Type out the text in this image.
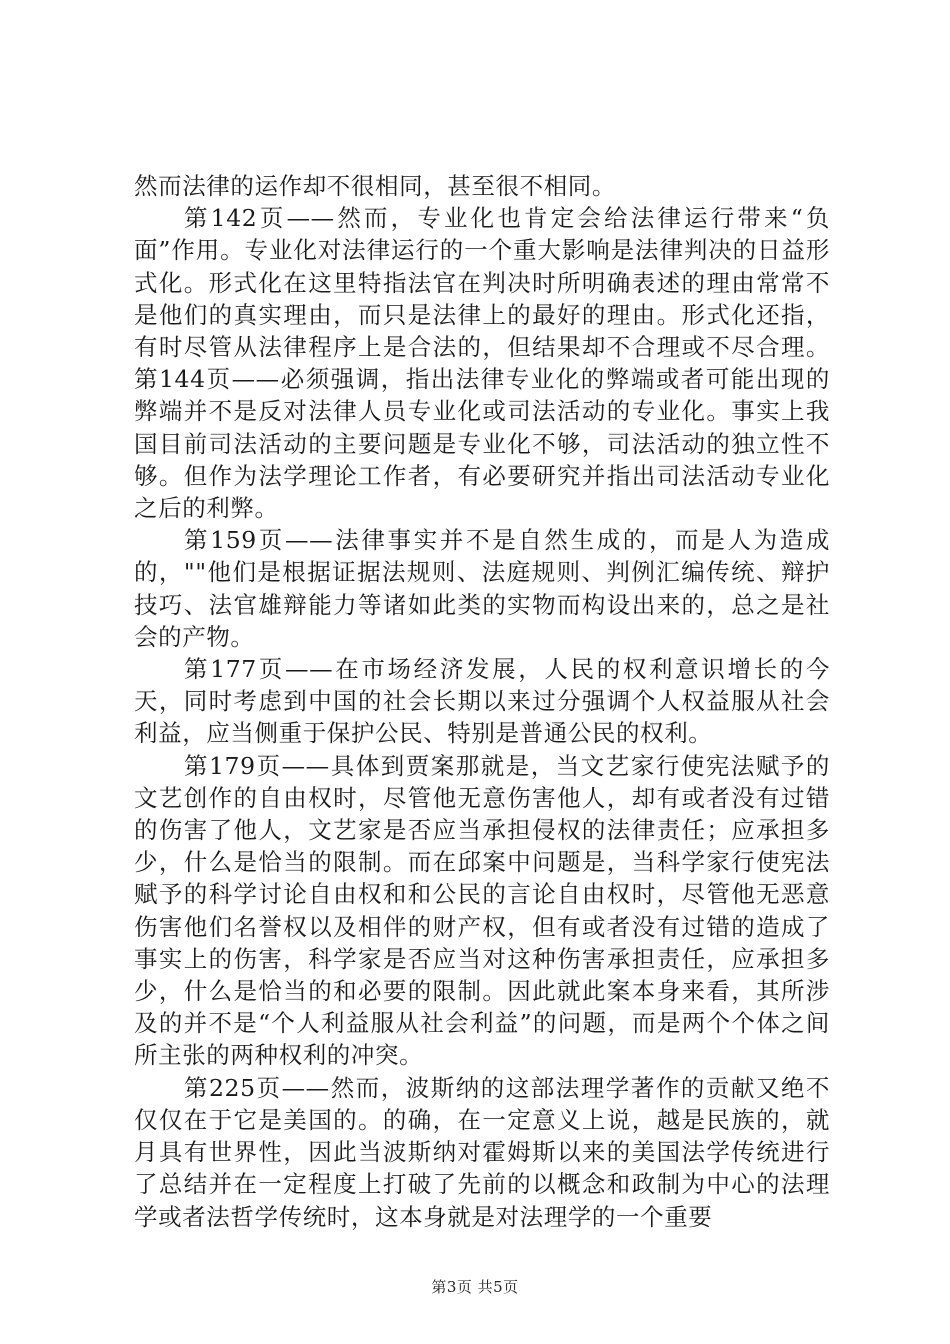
然而法律的运作却不很相同，甚至很不相同。

第142页——然而，专业化也肯定会给法律运行带来“负面”作用。专业化对法律运行的一个重大影响是法律判决的日益形式化。形式化在这里特指法官在判决时所明确表述的理由常常不是他们的真实理由，而只是法律上的最好的理由。形式化还指，有时尽管从法律程序上是合法的，但结果却不合理或不尽合理。第144页——必须强调，指出法律专业化的弊端或者可能出现的弊端并不是反对法律人员专业化或司法活动的专业化。事实上我国目前司法活动的主要问题是专业化不够，司法活动的独立性不够。但作为法学理论工作者，有必要研究并指出司法活动专业化之后的利弊。

第159页——法律事实并不是自然生成的，而是人为造成的，""他们是根据证据法规则、法庭规则、判例汇编传统、辩护技巧、法官雄辩能力等诸如此类的实物而构设出来的，总之是社会的产物。

第177页——在市场经济发展，人民的权利意识增长的今天，同时考虑到中国的社会长期以来过分强调个人权益服从社会利益，应当侧重于保护公民、特别是普通公民的权利。

第179页——具体到贾案那就是，当文艺家行使宪法赋予的文艺创作的自由权时，尽管他无意伤害他人，却有或者没有过错的伤害了他人，文艺家是否应当承担侵权的法律责任；应承担多少，什么是恰当的限制。而在邱案中问题是，当科学家行使宪法赋予的科学讨论自由权和和公民的言论自由权时，尽管他无恶意伤害他们名誉权以及相伴的财产权，但有或者没有过错的造成了事实上的伤害，科学家是否应当对这种伤害承担责任，应承担多少，什么是恰当的和必要的限制。因此就此案本身来看，其所涉及的并不是“个人利益服从社会利益”的问题，而是两个个体之间所主张的两种权利的冲突。

第225页——然而，波斯纳的这部法理学著作的贡献又绝不仅仅在于它是美国的。的确，在一定意义上说，越是民族的，就月具有世界性，因此当波斯纳对霍姆斯以来的美国法学传统进行了总结并在一定程度上打破了先前的以概念和政制为中心的法理学或者法哲学传统时，这本身就是对法理学的一个重要

第3页 共5页
